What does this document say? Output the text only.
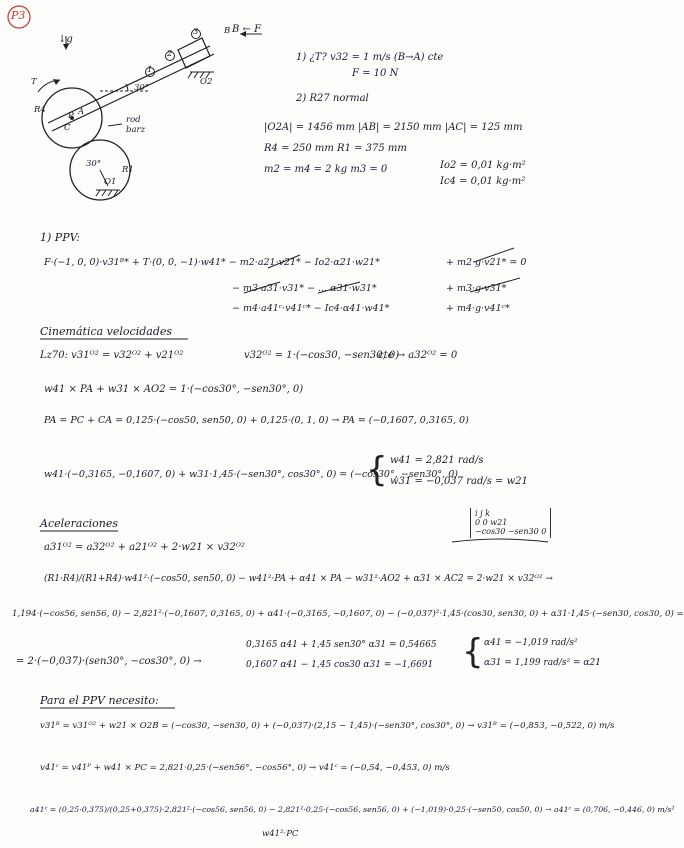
P3
↓g
B ← F
30°
30°
rod
barz
T
R4	A
C
P
O1
R1
O2
B
1
2
3
1) ¿T? v32 = 1 m/s (B→A) cte
F = 10 N
2) R27 normal
|O2A| = 1456 mm |AB| = 2150 mm |AC| = 125 mm
R4 = 250 mm R1 = 375 mm
m2 = m4 = 2 kg m3 = 0	Io2 = 0,01 kg·m²
Ic4 = 0,01 kg·m²
1) PPV:
F·(−1, 0, 0)·v31ᴮ* + T·(0, 0, −1)·w41* − m2·a21·v21* − Io2·α21·w21*	+ m2·g·v21* = 0
− m3·a31·v31* − ... α31·w31*	+ m3·g·v31*
− m4·a41ᶜ·v41ᶜ* − Ic4·α41·w41*	+ m4·g·v41ᶜ*
Cinemática velocidades
Lz70: v31ᴼ² = v32ᴼ² + v21ᴼ²	v32ᴼ² = 1·(−cos30, −sen30, 0)
cte → a32ᴼ² = 0
w41 × PA + w31 × AO2 = 1·(−cos30°, −sen30°, 0)
PA = PC + CA = 0,125·(−cos50, sen50, 0) + 0,125·(0, 1, 0) → PA = (−0,1607, 0,3165, 0)
w41·(−0,3165, −0,1607, 0) + w31·1,45·(−sen30°, cos30°, 0) = (−cos30°, −sen30°, 0)
{ w41 = 2,821 rad/s
w31 = −0,037 rad/s = w21
Aceleraciones
i j k
0 0 w21
−cos30 −sen30 0
a31ᴼ² = a32ᴼ² + a21ᴼ² + 2·w21 × v32ᴼ²
(R1·R4)/(R1+R4)·w41²·(−cos50, sen50, 0) − w41²·PA + α41 × PA − w31²·AO2 + α31 × AC2 = 2·w21 × v32ᴼ² →
1,194·(−cos56, sen56, 0) − 2,821²·(−0,1607, 0,3165, 0) + α41·(−0,3165, −0,1607, 0) − (−0,037)²·1,45·(cos30, sen30, 0) + α31·1,45·(−sen30, cos30, 0) =
= 2·(−0,037)·(sen30°, −cos30°, 0) →
0,3165 α41 + 1,45 sen30° α31 = 0,54665
0,1607 α41 − 1,45 cos30 α31 = −1,6691 { α41 = −1,019 rad/s²
α31 = 1,199 rad/s² = α21
Para el PPV necesito:
v31ᴮ = v31ᴼ² + w21 × O2B = (−cos30, −sen30, 0) + (−0,037)·(2,15 − 1,45)·(−sen30°, cos30°, 0) → v31ᴮ = (−0,853, −0,522, 0) m/s
v41ᶜ = v41ᴾ + w41 × PC = 2,821·0,25·(−sen56°, −cos56°, 0) → v41ᶜ = (−0,54, −0,453, 0) m/s
a41ᶜ = (0,25·0,375)/(0,25+0,375)·2,821²·(−cos56, sen56, 0) − 2,821²·0,25·(−cos56, sen56, 0) + (−1,019)·0,25·(−sen50, cos50, 0) → a41ᶜ = (0,706, −0,446, 0) m/s²
w41²·PC
